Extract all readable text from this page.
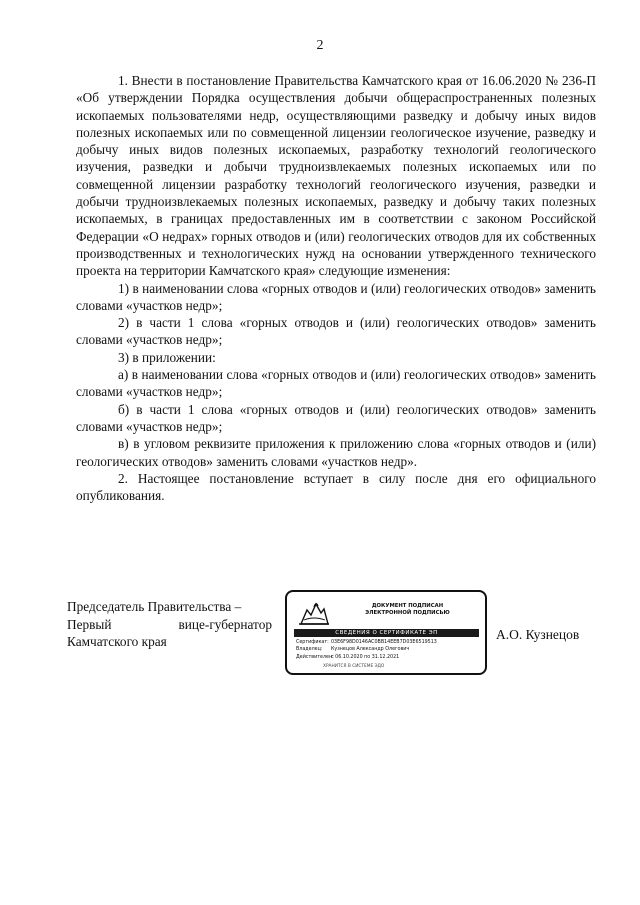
2

1. Внести в постановление Правительства Камчатского края от 16.06.2020 № 236-П «Об утверждении Порядка осуществления добычи общераспространенных полезных ископаемых пользователями недр, осуществляющими разведку и добычу иных видов полезных ископаемых или по совмещенной лицензии геологическое изучение, разведку и добычу иных видов полезных ископаемых, разработку технологий геологического изучения, разведки и добычи трудноизвлекаемых полезных ископаемых или по совмещенной лицензии разработку технологий геологического изучения, разведки и добычи трудноизвлекаемых полезных ископаемых, разведку и добычу таких полезных ископаемых, в границах предоставленных им в соответствии с законом Российской Федерации «О недрах» горных отводов и (или) геологических отводов для их собственных производственных и технологических нужд на основании утвержденного технического проекта на территории Камчатского края» следующие изменения:

1) в наименовании слова «горных отводов и (или) геологических отводов» заменить словами «участков недр»;

2) в части 1 слова «горных отводов и (или) геологических отводов» заменить словами «участков недр»;

3) в приложении:

а) в наименовании слова «горных отводов и (или) геологических отводов» заменить словами «участков недр»;

б) в части 1 слова «горных отводов и (или) геологических отводов» заменить словами «участков недр»;

в) в угловом реквизите приложения к приложению слова «горных отводов и (или) геологических отводов» заменить словами «участков недр».

2. Настоящее постановление вступает в силу после дня его официального опубликования.

Председатель Правительства –
Первый вице-губернатор
Камчатского края
ДОКУМЕНТ ПОДПИСАН
ЭЛЕКТРОННОЙ ПОДПИСЬЮ
СВЕДЕНИЯ О СЕРТИФИКАТЕ ЭП
Сертификат: 03E6F98D0146AC0BB14EEB7D03E6519513
Владелец:	Кузнецов Александр Олегович
Действителен:
с 06.10.2020 по 31.12.2021
ХРАНИТСЯ В СИСТЕМЕ ЭДО
А.О. Кузнецов
